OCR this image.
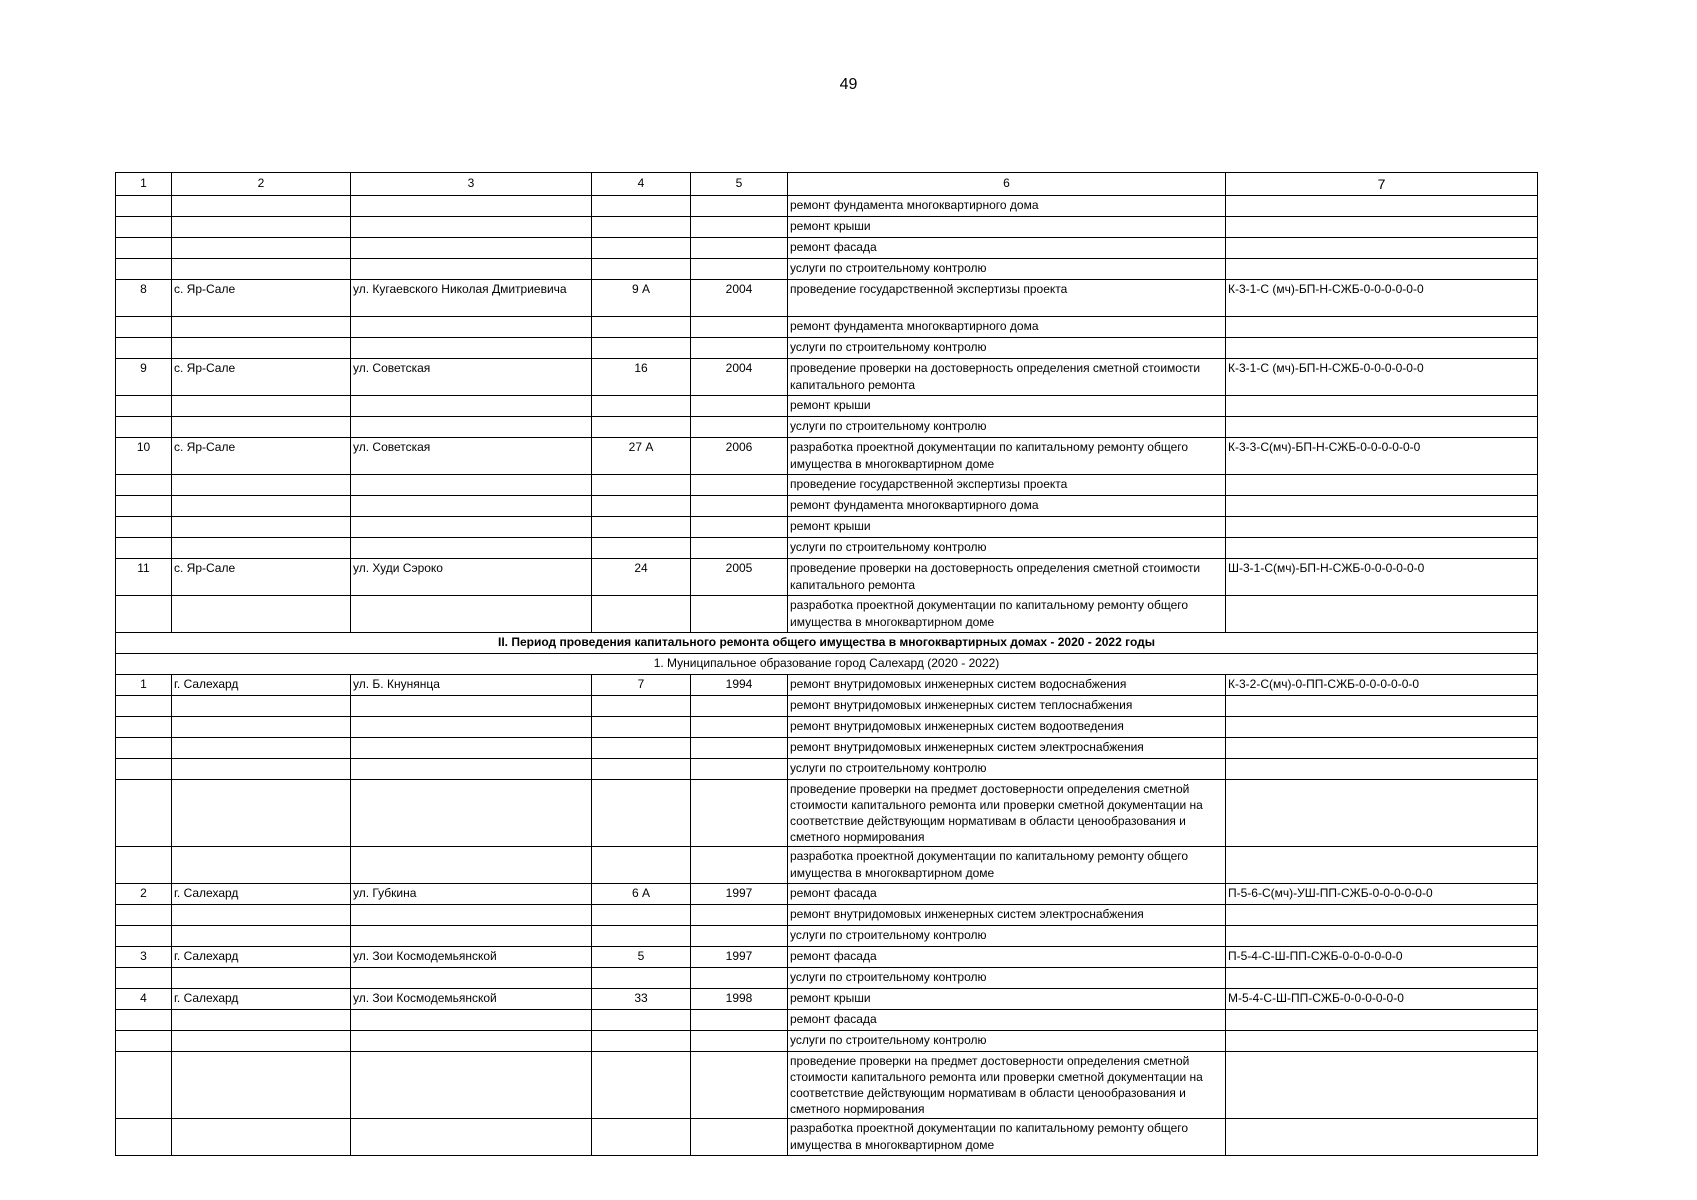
49
1	2	3	4	5	6	7
					ремонт фундамента многоквартирного дома	
					ремонт крыши	
					ремонт фасада	
					услуги по строительному контролю	
8	с. Яр-Сале	ул. Кугаевского Николая Дмитриевича	9 А	2004	проведение государственной экспертизы проекта	К-3-1-С (мч)-БП-Н-СЖБ-0-0-0-0-0-0
					ремонт фундамента многоквартирного дома	
					услуги по строительному контролю	
9	с. Яр-Сале	ул. Советская	16	2004	проведение проверки на достоверность определения сметной стоимости капитального ремонта	К-3-1-С (мч)-БП-Н-СЖБ-0-0-0-0-0-0
					ремонт крыши	
					услуги по строительному контролю	
10	с. Яр-Сале	ул. Советская	27 А	2006	разработка проектной документации по капитальному ремонту общего имущества в многоквартирном доме	К-3-3-С(мч)-БП-Н-СЖБ-0-0-0-0-0-0
					проведение государственной экспертизы проекта	
					ремонт фундамента многоквартирного дома	
					ремонт крыши	
					услуги по строительному контролю	
11	с. Яр-Сале	ул. Худи Сэроко	24	2005	проведение проверки на достоверность определения сметной стоимости капитального ремонта	Ш-3-1-С(мч)-БП-Н-СЖБ-0-0-0-0-0-0
					разработка проектной документации по капитальному ремонту общего имущества в многоквартирном доме	
II. Период проведения капитального ремонта общего имущества в многоквартирных домах - 2020 - 2022 годы						
1. Муниципальное образование город Салехард (2020 - 2022)						
1	г. Салехард	ул. Б. Кнунянца	7	1994	ремонт внутридомовых инженерных систем водоснабжения	К-3-2-С(мч)-0-ПП-СЖБ-0-0-0-0-0-0
					ремонт внутридомовых инженерных систем теплоснабжения	
					ремонт внутридомовых инженерных систем водоотведения	
					ремонт внутридомовых инженерных систем электроснабжения	
					услуги по строительному контролю	
					проведение проверки на предмет достоверности определения сметной стоимости капитального ремонта или проверки сметной документации на соответствие действующим нормативам в области ценообразования и сметного нормирования	
					разработка проектной документации по капитальному ремонту общего имущества в многоквартирном доме	
2	г. Салехард	ул. Губкина	6 А	1997	ремонт фасада	П-5-6-С(мч)-УШ-ПП-СЖБ-0-0-0-0-0-0
					ремонт внутридомовых инженерных систем электроснабжения	
					услуги по строительному контролю	
3	г. Салехард	ул. Зои Космодемьянской	5	1997	ремонт фасада	П-5-4-С-Ш-ПП-СЖБ-0-0-0-0-0-0
					услуги по строительному контролю	
4	г. Салехард	ул. Зои Космодемьянской	33	1998	ремонт крыши	М-5-4-С-Ш-ПП-СЖБ-0-0-0-0-0-0
					ремонт фасада	
					услуги по строительному контролю	
					проведение проверки на предмет достоверности определения сметной стоимости капитального ремонта или проверки сметной документации на соответствие действующим нормативам в области ценообразования и сметного нормирования	
					разработка проектной документации по капитальному ремонту общего имущества в многоквартирном доме	
